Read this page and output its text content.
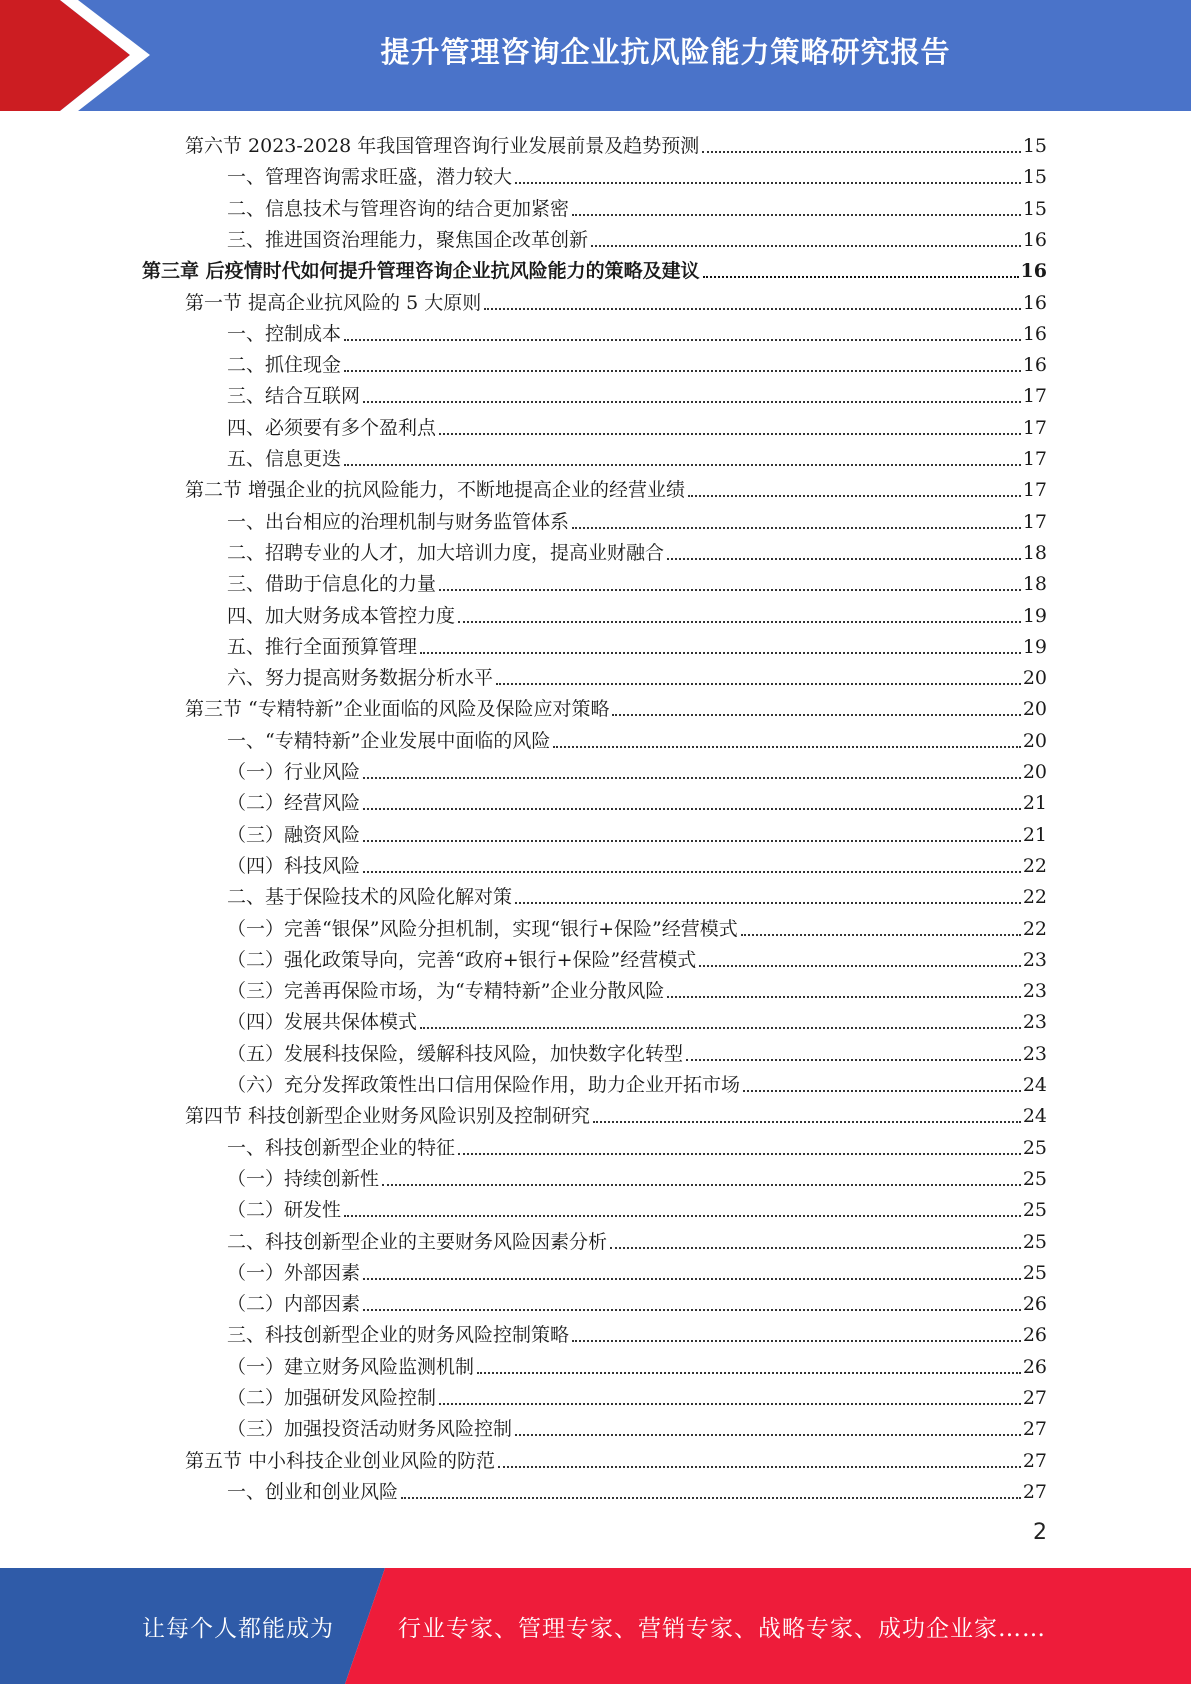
提升管理咨询企业抗风险能力策略研究报告
第六节 2023-2028 年我国管理咨询行业发展前景及趋势预测	15
一、管理咨询需求旺盛，潜力较大	15
二、信息技术与管理咨询的结合更加紧密	15
三、推进国资治理能力，聚焦国企改革创新	16
第三章 后疫情时代如何提升管理咨询企业抗风险能力的策略及建议	16
第一节 提高企业抗风险的 5 大原则	16
一、控制成本	16
二、抓住现金	16
三、结合互联网	17
四、必须要有多个盈利点	17
五、信息更迭	17
第二节 增强企业的抗风险能力，不断地提高企业的经营业绩	17
一、出台相应的治理机制与财务监管体系	17
二、招聘专业的人才，加大培训力度，提高业财融合	18
三、借助于信息化的力量	18
四、加大财务成本管控力度	19
五、推行全面预算管理	19
六、努力提高财务数据分析水平	20
第三节 “专精特新”企业面临的风险及保险应对策略	20
一、“专精特新”企业发展中面临的风险	20
（一）行业风险	20
（二）经营风险	21
（三）融资风险	21
（四）科技风险	22
二、基于保险技术的风险化解对策	22
（一）完善“银保”风险分担机制，实现“银行+保险”经营模式	22
（二）强化政策导向，完善“政府+银行+保险”经营模式	23
（三）完善再保险市场，为“专精特新”企业分散风险	23
（四）发展共保体模式	23
（五）发展科技保险，缓解科技风险，加快数字化转型	23
（六）充分发挥政策性出口信用保险作用，助力企业开拓市场	24
第四节 科技创新型企业财务风险识别及控制研究	24
一、科技创新型企业的特征	25
（一）持续创新性	25
（二）研发性	25
二、科技创新型企业的主要财务风险因素分析	25
（一）外部因素	25
（二）内部因素	26
三、科技创新型企业的财务风险控制策略	26
（一）建立财务风险监测机制	26
（二）加强研发风险控制	27
（三）加强投资活动财务风险控制	27
第五节 中小科技企业创业风险的防范	27
一、创业和创业风险	27
2
让每个人都能成为	行业专家、管理专家、营销专家、战略专家、成功企业家……
